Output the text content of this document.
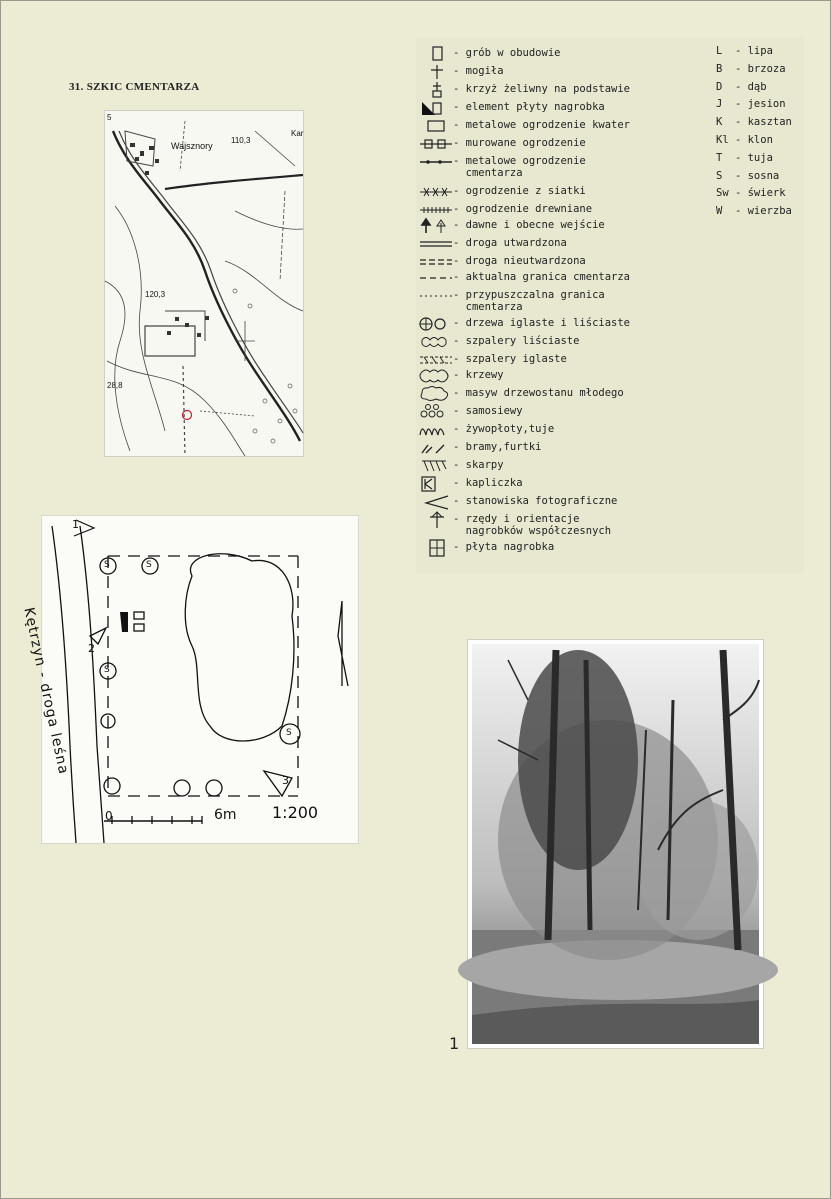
31. SZKIC CMENTARZA
5
110,3
Kar
Wajsznory
120,3
28,8
Kętrzyn - droga leśna
0	6m 1:200
1
2
3
S	S
S
S
- grób w obudowie
- mogiła
- krzyż żeliwny na podstawie
- element płyty nagrobka
- metalowe ogrodzenie kwater
- murowane ogrodzenie
- metalowe ogrodzenie
cmentarza
- ogrodzenie z siatki
- ogrodzenie drewniane
- dawne i obecne wejście
- droga utwardzona
- droga nieutwardzona
- aktualna granica cmentarza
- przypuszczalna granica
cmentarza
- drzewa iglaste i liściaste
- szpalery liściaste
- szpalery iglaste
- krzewy
- masyw drzewostanu młodego
- samosiewy
- żywopłoty,tuje
- bramy,furtki
- skarpy
- kapliczka
- stanowiska fotograficzne
- rzędy i orientacje
nagrobków współczesnych
- płyta nagrobka
L  - lipa
B  - brzoza
D  - dąb
J  - jesion
K  - kasztan
Kl - klon
T  - tuja
S  - sosna
Sw - świerk
W  - wierzba
1
